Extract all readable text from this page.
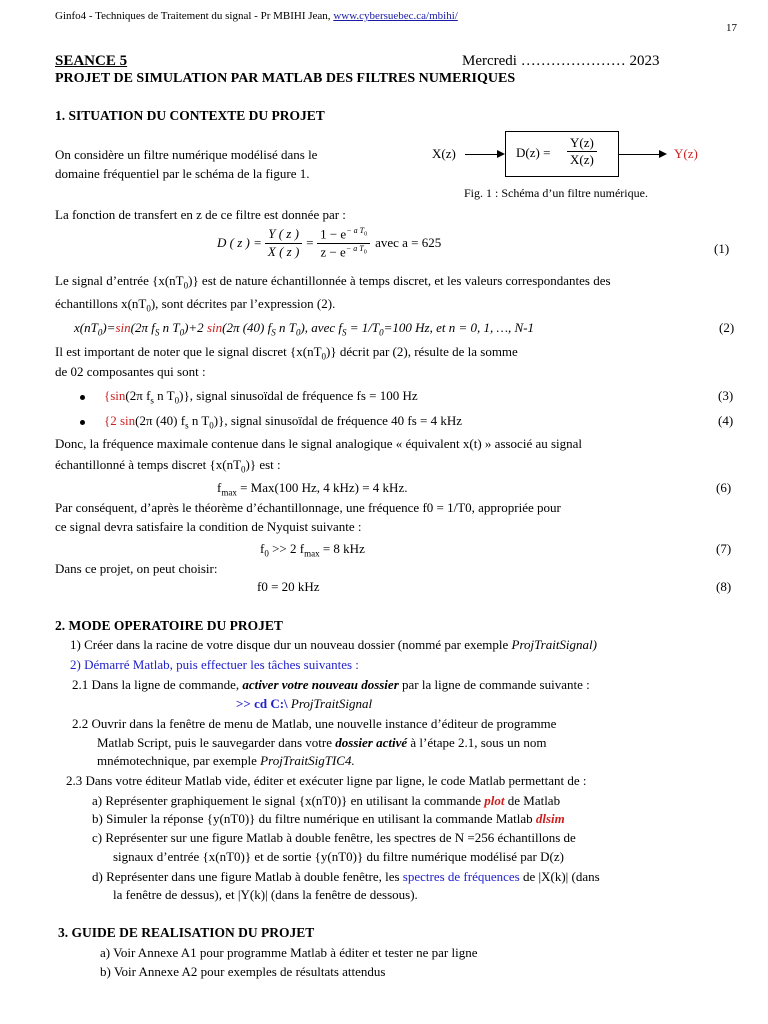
Ginfo4 - Techniques de Traitement du signal - Pr MBIHI Jean, www.cybersuebec.ca/mbihi/
17
SEANCE 5	Mercredi ………………… 2023
PROJET DE SIMULATION PAR MATLAB DES FILTRES NUMERIQUES
1. SITUATION DU CONTEXTE DU PROJET
On considère un filtre numérique modélisé dans le
domaine fréquentiel par le schéma de la figure 1.
X(z)	$D(z) = \frac{Y(z)}{X(z)}$	Y(z)
Fig. 1 : Schéma d’un filtre numérique.
La fonction de transfert en z de ce filtre est donnée par :
D ( z ) = $\frac{Y ( z )}{X ( z )} = \frac{1 - e^{- a T_0}}{z - e^{- a T_0}}$ avec a = 625	(1)
Le signal d’entrée $\{x(nT_0)\}$ est de nature échantillonnée à temps discret, et les valeurs correspondantes des
échantillons $x(nT_0)$, sont décrites par l’expression (2).
$x(nT_0)=\sin(2\pi$ $f_S$ n $T_0)+2$ sin(2π (40) $f_S$ n $T_0$), avec $f_S = 1/T_0=100$ Hz, et n = 0, 1, …, N-1	(2)
Il est important de noter que le signal discret $\{x(nT_0)\}$ décrit par (2), résulte de la somme
de 02 composantes qui sont :
{sin(2π $f_s$ n $T_0$)}, signal sinusoïdal de fréquence fs = 100 Hz	(3)
{2 sin(2π (40) $f_s$ n $T_0$)}, signal sinusoïdal de fréquence 40 fs = 4 kHz	(4)
Donc, la fréquence maximale contenue dans le signal analogique « équivalent x(t) » associé au signal
échantillonné à temps discret $\{x(nT_0)\}$ est :
$f_{max} = Max(100$ Hz, 4 kHz) = 4 kHz.	(6)
Par conséquent, d’après le théorème d’échantillonnage, une fréquence f0 = 1/T0, appropriée pour
ce signal devra satisfaire la condition de Nyquist suivante :
$f_0 >> 2$ $f_{max} = 8$ kHz	(7)
Dans ce projet, on peut choisir:
f0 = 20 kHz	(8)
2. MODE OPERATOIRE DU PROJET
1) Créer dans la racine de votre disque dur un nouveau dossier (nommé par exemple ProjTraitSignal)
2) Démarré Matlab, puis effectuer les tâches suivantes :
2.1 Dans la ligne de commande, activer votre nouveau dossier par la ligne de commande suivante :
>> cd C:\ ProjTraitSignal
2.2 Ouvrir dans la fenêtre de menu de Matlab, une nouvelle instance d’éditeur de programme
Matlab Script, puis le sauvegarder dans votre dossier activé à l’étape 2.1, sous un nom
mnémotechnique, par exemple ProjTraitSigTIC4.
2.3 Dans votre éditeur Matlab vide, éditer et exécuter ligne par ligne, le code Matlab permettant de :
a) Représenter graphiquement le signal {x(nT0)} en utilisant la commande plot de Matlab
b) Simuler la réponse {y(nT0)} du filtre numérique en utilisant la commande Matlab dlsim
c) Représenter sur une figure Matlab à double fenêtre, les spectres de N =256 échantillons de
signaux d’entrée {x(nT0)} et de sortie {y(nT0)} du filtre numérique modélisé par D(z)
d) Représenter dans une figure Matlab à double fenêtre, les spectres de fréquences de |X(k)| (dans
la fenêtre de dessus), et |Y(k)| (dans la fenêtre de dessous).
3. GUIDE DE REALISATION DU PROJET
a) Voir Annexe A1 pour programme Matlab à éditer et tester ne par ligne
b) Voir Annexe A2 pour exemples de résultats attendus
